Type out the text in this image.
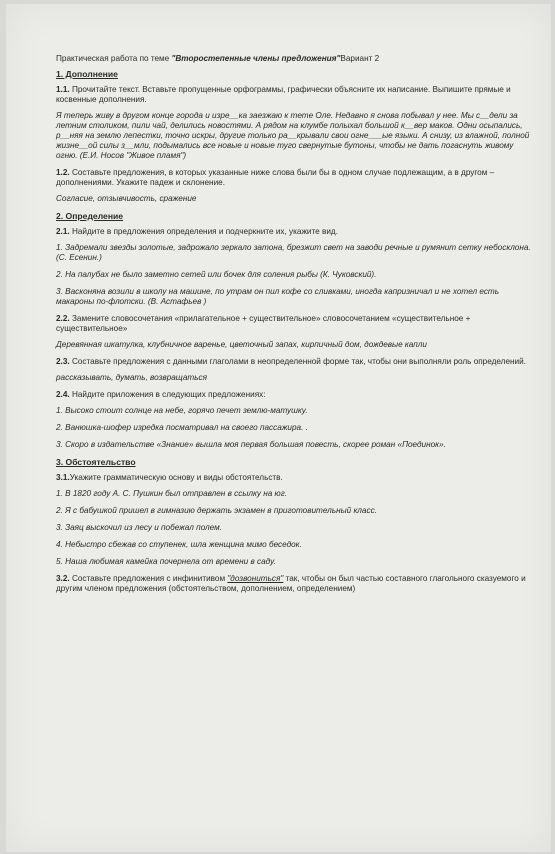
Практическая работа по теме "Второстепенные члены предложения"Вариант 2

1. Дополнение

1.1. Прочитайте текст. Вставьте пропущенные орфограммы, графически объясните их написание. Выпишите прямые и косвенные дополнения.

Я теперь живу в другом конце города и изре__ка заезжаю к тете Оле. Недавно я снова побывал у нее. Мы с__дели за летним столиком, пили чай, делились новостями. А рядом на клумбе полыхал большой к__вер маков. Одни осыпались, р__няя на землю лепестки, точно искры, другие только ра__крывали свои огне___ые языки. А снизу, из влажной, полной жизне__ой силы з__мли, подымались все новые и новые туго свернутые бутоны, чтобы не дать погаснуть живому огню. (Е.И. Носов "Живое пламя")

1.2. Составьте предложения, в которых указанные ниже слова были бы в одном случае подлежащим, а в другом – дополнениями. Укажите падеж и склонение.

Согласие, отзывчивость, сражение

2. Определение

2.1. Найдите в предложения определения и подчеркните их, укажите вид.

1. Задремали звезды золотые, задрожало зеркало затона, брезжит свет на заводи речные и румянит сетку небосклона. (С. Есенин.)

2. На палубах не было заметно сетей или бочек для соления рыбы (К. Чуковский).

3. Васконяна возили в школу на машине, по утрам он пил кофе со сливками, иногда капризничал и не хотел есть макароны по-флотски. (В. Астафьев )

2.2. Замените словосочетания «прилагательное + существительное» словосочетанием «существительное + существительное»

Деревянная шкатулка, клубничное варенье, цветочный запах, кирпичный дом, дождевые капли

2.3. Составьте предложения с данными глаголами в неопределенной форме так, чтобы они выполняли роль определений.

рассказывать, думать, возвращаться

2.4. Найдите приложения в следующих предложениях:

1. Высоко стоит солнце на небе, горячо печет землю-матушку.

2. Ванюшка-шофер изредка посматривал на своего пассажира. .

3. Скоро в издательстве «Знание» вышла моя первая большая повесть, скорее роман «Поединок».

3. Обстоятельство

3.1.Укажите грамматическую основу и виды обстоятельств.

1. В 1820 году А. С. Пушкин был отправлен в ссылку на юг.

2. Я с бабушкой пришел в гимназию держать экзамен в приготовительный класс.

3. Заяц выскочил из лесу и побежал полем.

4. Небыстро сбежав со ступенек, шла женщина мимо беседок.

5. Наша любимая камейка почернела от времени в саду.

3.2. Составьте предложения с инфинитивом "дозвониться" так, чтобы он был частью составного глагольного сказуемого и другим членом предложения (обстоятельством, дополнением, определением)
